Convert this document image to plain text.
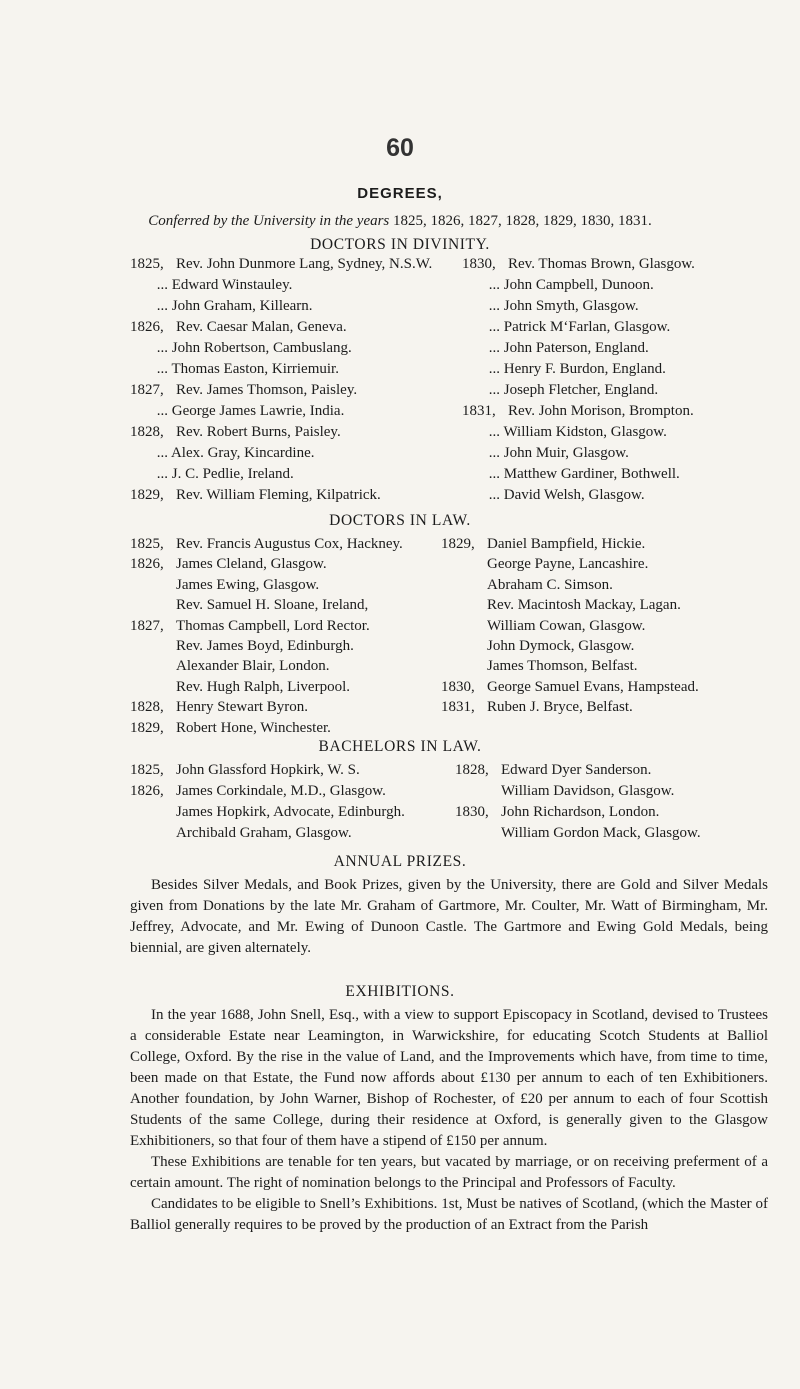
60
DEGREES,
Conferred by the University in the years 1825, 1826, 1827, 1828, 1829, 1830, 1831.
DOCTORS IN DIVINITY.
1825, Rev. John Dunmore Lang, Sydney, N.S.W.
... Edward Winstauley.
... John Graham, Killearn.
1826, Rev. Caesar Malan, Geneva.
... John Robertson, Cambuslang.
... Thomas Easton, Kirriemuir.
1827, Rev. James Thomson, Paisley.
... George James Lawrie, India.
1828, Rev. Robert Burns, Paisley.
... Alex. Gray, Kincardine.
... J. C. Pedlie, Ireland.
1829, Rev. William Fleming, Kilpatrick.
1830, Rev. Thomas Brown, Glasgow.
... John Campbell, Dunoon.
... John Smyth, Glasgow.
... Patrick M‘Farlan, Glasgow.
... John Paterson, England.
... Henry F. Burdon, England.
... Joseph Fletcher, England.
1831, Rev. John Morison, Brompton.
... William Kidston, Glasgow.
... John Muir, Glasgow.
... Matthew Gardiner, Bothwell.
... David Welsh, Glasgow.
DOCTORS IN LAW.
1825, Rev. Francis Augustus Cox, Hackney.
1826, James Cleland, Glasgow.
James Ewing, Glasgow.
Rev. Samuel H. Sloane, Ireland,
1827, Thomas Campbell, Lord Rector.
Rev. James Boyd, Edinburgh.
Alexander Blair, London.
Rev. Hugh Ralph, Liverpool.
1828, Henry Stewart Byron.
1829, Robert Hone, Winchester.
1829, Daniel Bampfield, Hickie.
George Payne, Lancashire.
Abraham C. Simson.
Rev. Macintosh Mackay, Lagan.
William Cowan, Glasgow.
John Dymock, Glasgow.
James Thomson, Belfast.
1830, George Samuel Evans, Hampstead.
1831, Ruben J. Bryce, Belfast.
BACHELORS IN LAW.
1825, John Glassford Hopkirk, W. S.
1826, James Corkindale, M.D., Glasgow.
James Hopkirk, Advocate, Edinburgh.
Archibald Graham, Glasgow.
1828, Edward Dyer Sanderson.
William Davidson, Glasgow.
1830, John Richardson, London.
William Gordon Mack, Glasgow.
ANNUAL PRIZES.

Besides Silver Medals, and Book Prizes, given by the University, there are Gold and Silver Medals given from Donations by the late Mr. Graham of Gartmore, Mr. Coulter, Mr. Watt of Birmingham, Mr. Jeffrey, Advocate, and Mr. Ewing of Dunoon Castle. The Gartmore and Ewing Gold Medals, being biennial, are given alternately.

EXHIBITIONS.

In the year 1688, John Snell, Esq., with a view to support Episcopacy in Scotland, devised to Trustees a considerable Estate near Leamington, in Warwickshire, for educating Scotch Students at Balliol College, Oxford. By the rise in the value of Land, and the Improvements which have, from time to time, been made on that Estate, the Fund now affords about £130 per annum to each of ten Exhibitioners. Another foundation, by John Warner, Bishop of Rochester, of £20 per annum to each of four Scottish Students of the same College, during their residence at Oxford, is generally given to the Glasgow Exhibitioners, so that four of them have a stipend of £150 per annum.

These Exhibitions are tenable for ten years, but vacated by marriage, or on receiving preferment of a certain amount. The right of nomination belongs to the Principal and Professors of Faculty.

Candidates to be eligible to Snell’s Exhibitions. 1st, Must be natives of Scotland, (which the Master of Balliol generally requires to be proved by the production of an Extract from the Parish
